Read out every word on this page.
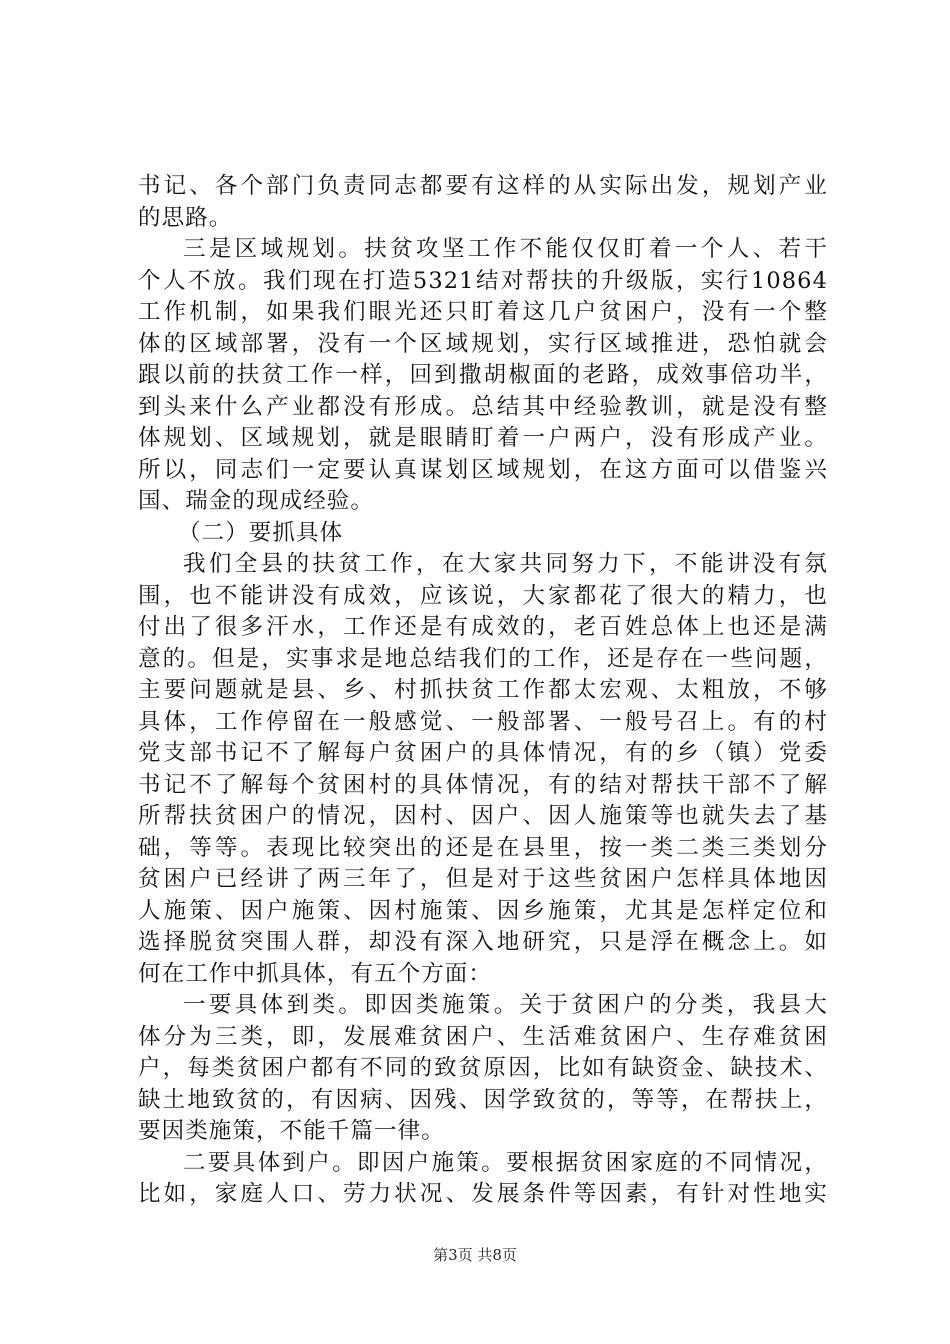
书记、各个部门负责同志都要有这样的从实际出发，规划产业
的思路。
三是区域规划。扶贫攻坚工作不能仅仅盯着一个人、若干
个人不放。我们现在打造5321结对帮扶的升级版，实行10864
工作机制，如果我们眼光还只盯着这几户贫困户，没有一个整
体的区域部署，没有一个区域规划，实行区域推进，恐怕就会
跟以前的扶贫工作一样，回到撒胡椒面的老路，成效事倍功半，
到头来什么产业都没有形成。总结其中经验教训，就是没有整
体规划、区域规划，就是眼睛盯着一户两户，没有形成产业。
所以，同志们一定要认真谋划区域规划，在这方面可以借鉴兴
国、瑞金的现成经验。
（二）要抓具体
我们全县的扶贫工作，在大家共同努力下，不能讲没有氛
围，也不能讲没有成效，应该说，大家都花了很大的精力，也
付出了很多汗水，工作还是有成效的，老百姓总体上也还是满
意的。但是，实事求是地总结我们的工作，还是存在一些问题，
主要问题就是县、乡、村抓扶贫工作都太宏观、太粗放，不够
具体，工作停留在一般感觉、一般部署、一般号召上。有的村
党支部书记不了解每户贫困户的具体情况，有的乡（镇）党委
书记不了解每个贫困村的具体情况，有的结对帮扶干部不了解
所帮扶贫困户的情况，因村、因户、因人施策等也就失去了基
础，等等。表现比较突出的还是在县里，按一类二类三类划分
贫困户已经讲了两三年了，但是对于这些贫困户怎样具体地因
人施策、因户施策、因村施策、因乡施策，尤其是怎样定位和
选择脱贫突围人群，却没有深入地研究，只是浮在概念上。如
何在工作中抓具体，有五个方面：
一要具体到类。即因类施策。关于贫困户的分类，我县大
体分为三类，即，发展难贫困户、生活难贫困户、生存难贫困
户，每类贫困户都有不同的致贫原因，比如有缺资金、缺技术、
缺土地致贫的，有因病、因残、因学致贫的，等等，在帮扶上，
要因类施策，不能千篇一律。
二要具体到户。即因户施策。要根据贫困家庭的不同情况，
比如，家庭人口、劳力状况、发展条件等因素，有针对性地实
第3页 共8页
